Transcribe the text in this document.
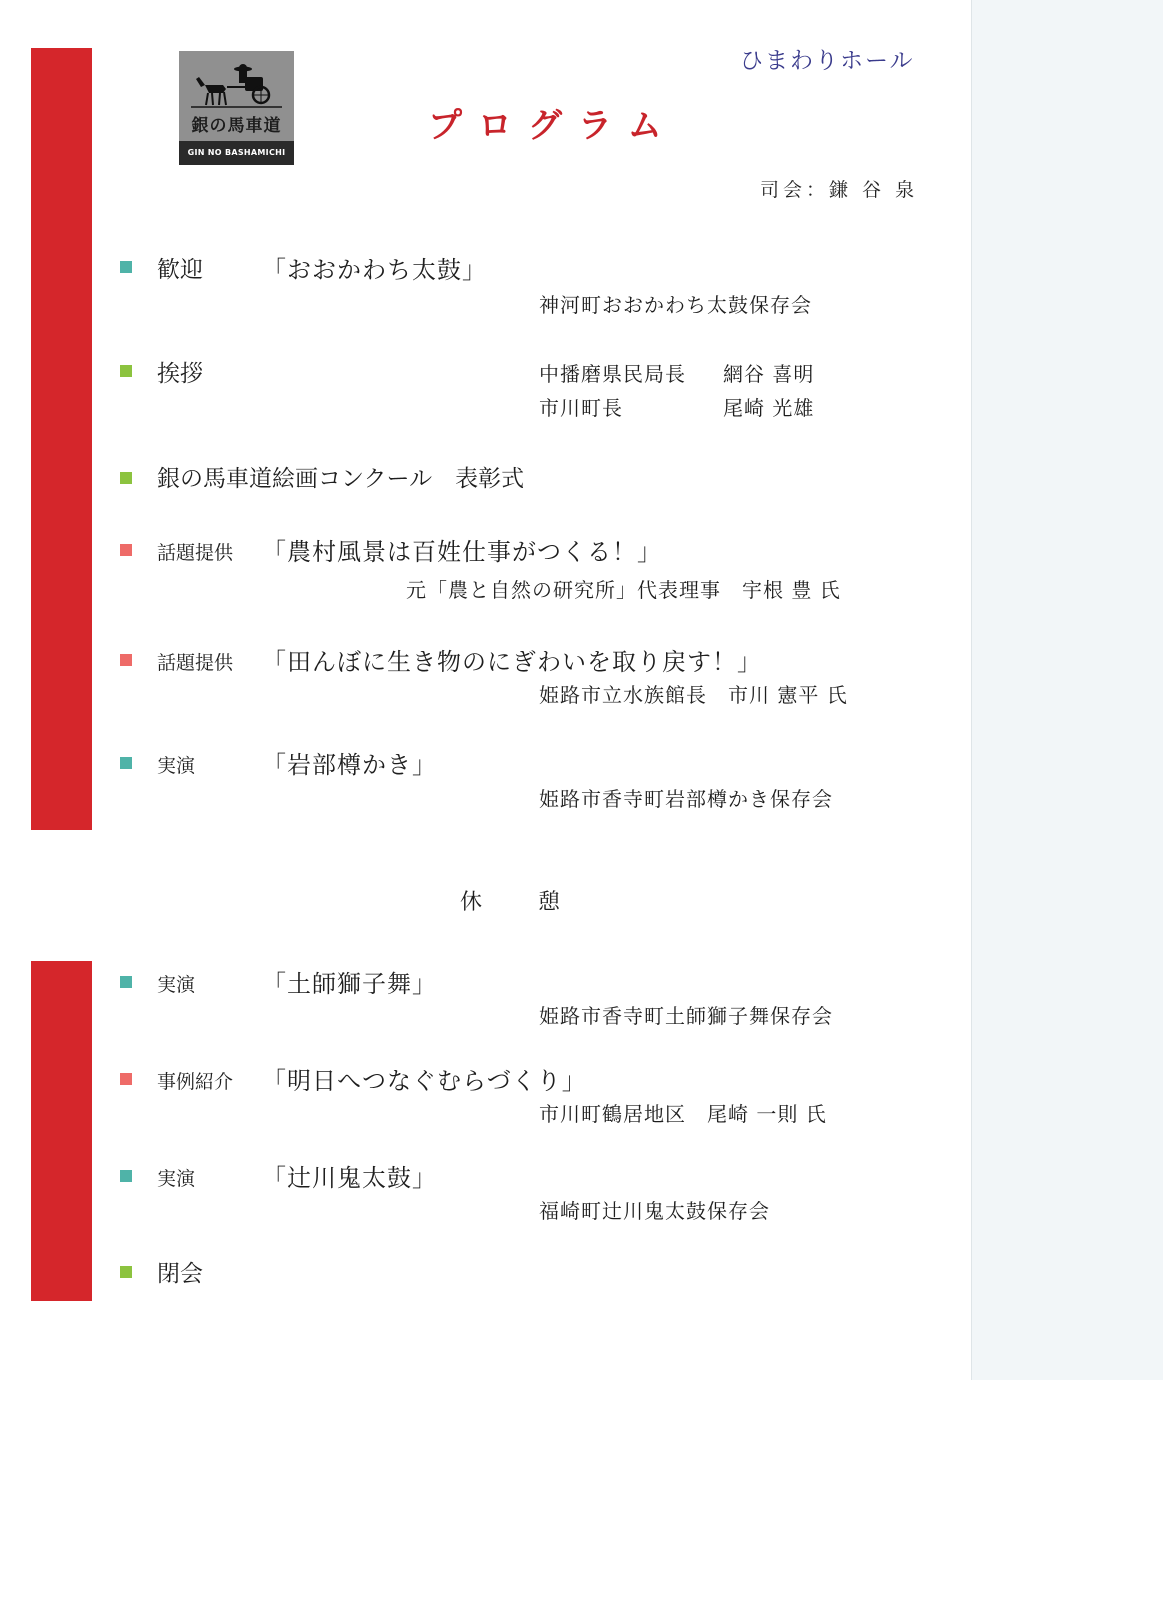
銀の馬車道
GIN NO BASHAMICHI
ひまわりホール
プログラム
司会：鎌 谷 泉
歓迎 「おおかわち太鼓」
神河町おおかわち太鼓保存会
挨拶	中播磨県民局長 網谷 喜明
市川町長	尾崎 光雄
銀の馬車道絵画コンクール　表彰式
話題提供 「農村風景は百姓仕事がつくる！」
元「農と自然の研究所」代表理事　宇根 豊 氏
話題提供 「田んぼに生き物のにぎわいを取り戻す！」
姫路市立水族館長　市川 憲平 氏
実演	「岩部樽かき」
姫路市香寺町岩部樽かき保存会
休憩
実演	「土師獅子舞」
姫路市香寺町土師獅子舞保存会
事例紹介 「明日へつなぐむらづくり」
市川町鶴居地区　尾崎 一則 氏
実演	「辻川鬼太鼓」
福崎町辻川鬼太鼓保存会
閉会
